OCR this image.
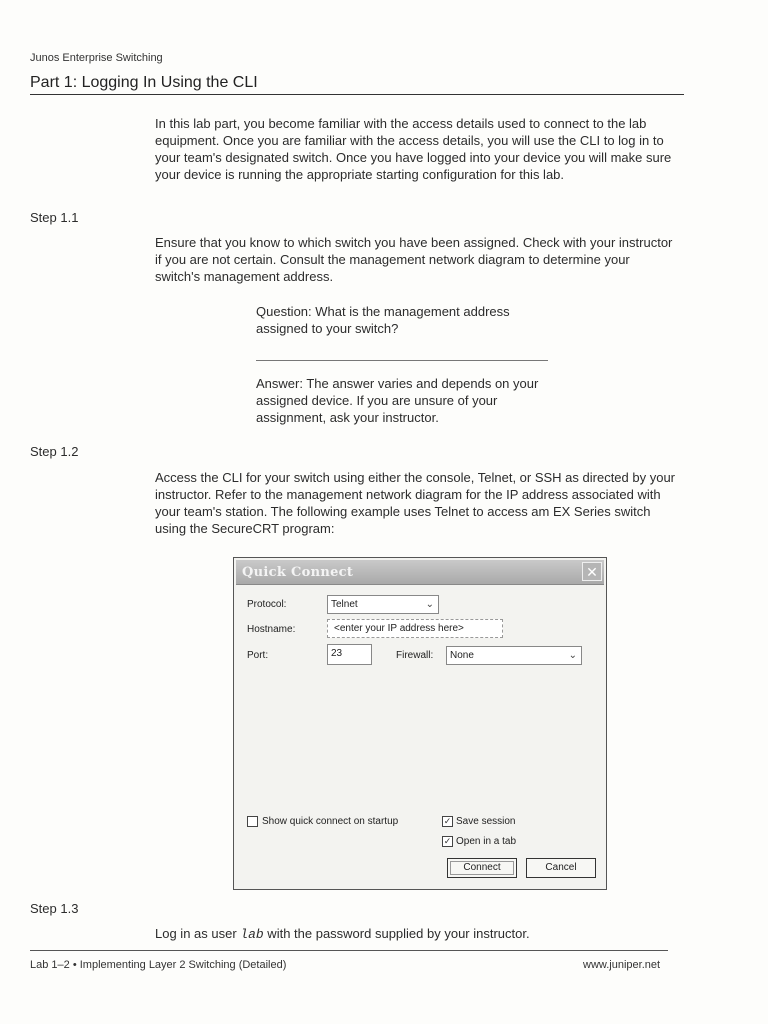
Junos Enterprise Switching
Part 1: Logging In Using the CLI
In this lab part, you become familiar with the access details used to connect to the lab equipment. Once you are familiar with the access details, you will use the CLI to log in to your team's designated switch. Once you have logged into your device you will make sure your device is running the appropriate starting configuration for this lab.
Step 1.1
Ensure that you know to which switch you have been assigned. Check with your instructor if you are not certain. Consult the management network diagram to determine your switch's management address.
Question: What is the management address assigned to your switch?
Answer: The answer varies and depends on your assigned device. If you are unsure of your assignment, ask your instructor.
Step 1.2
Access the CLI for your switch using either the console, Telnet, or SSH as directed by your instructor. Refer to the management network diagram for the IP address associated with your team's station. The following example uses Telnet to access am EX Series switch using the SecureCRT program:
Quick Connect	✕
Protocol:	Telnet	⌄
Hostname:	<enter your IP address here>
Port:	23	Firewall:	None	⌄
Show quick connect on startup	✓ Save session
✓ Open in a tab
Connect	Cancel
Step 1.3
Log in as user lab with the password supplied by your instructor.
Lab 1–2 • Implementing Layer 2 Switching (Detailed)	www.juniper.net
